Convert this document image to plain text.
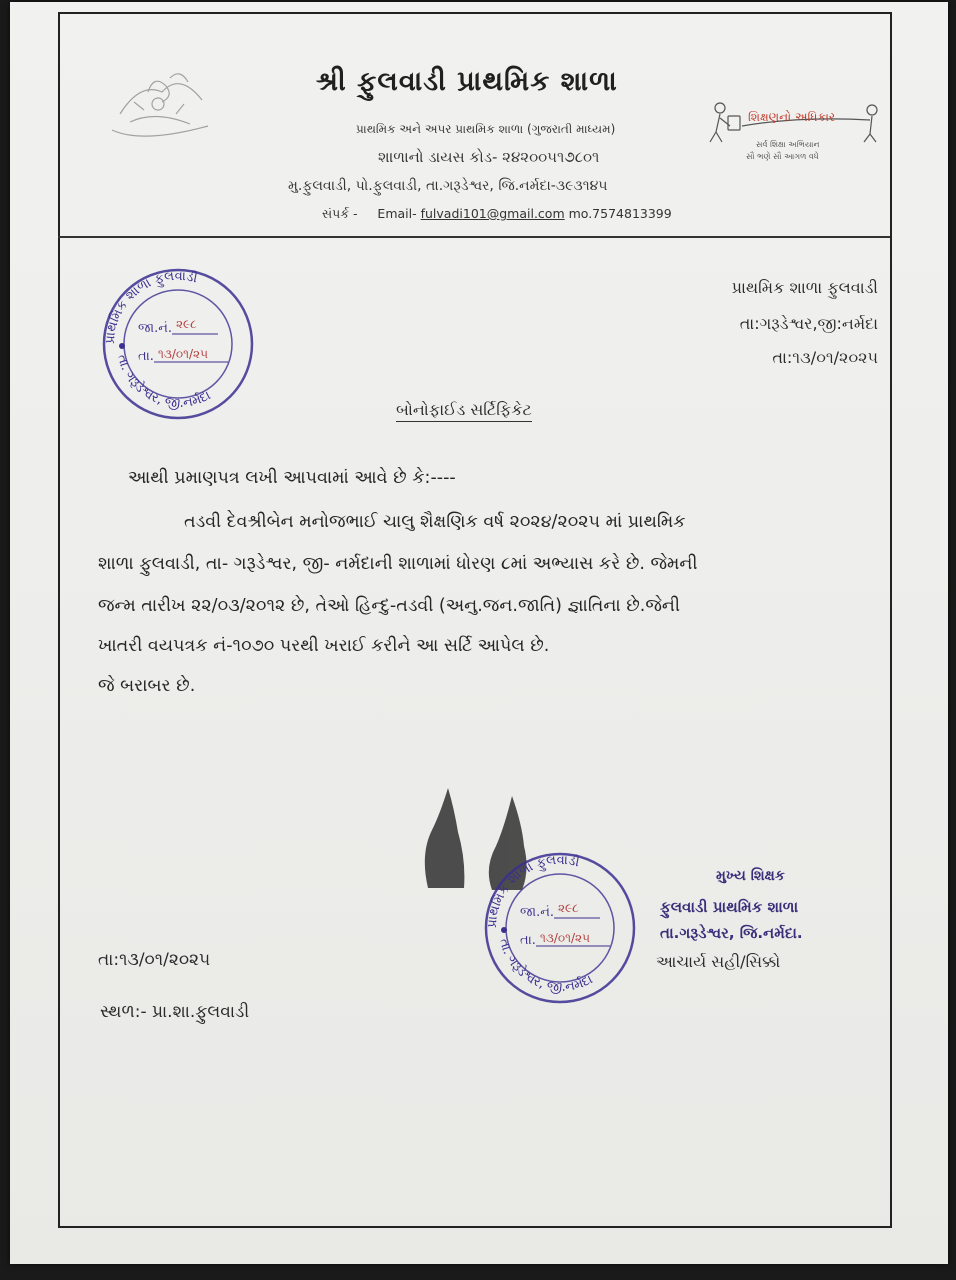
શ્રી ફુલવાડી પ્રાથમિક શાળા
પ્રાથમિક અને અપર પ્રાથમિક શાળા (ગુજરાતી માધ્યમ)
શાળાનો ડાયસ કોડ- ૨૪૨૦૦૫૧૭૮૦૧
મુ.ફુલવાડી, પો.ફુલવાડી, તા.ગરૂડેશ્વર, જિ.નર્મદા-૩૯૩૧૪૫
સંપર્ક - Email- fulvadi101@gmail.com mo.7574813399
શિક્ષણનો અધિકાર
સર્વ શિક્ષા અભિયાન
સૌ ભણે સૌ આગળ વધે
પ્રાથમિક શાળા ફુલવાડી
તા. ગરૂડેશ્વર, જી.નર્મદા
જા.નં. ૨૯૮
તા. ૧૩/૦૧/૨૫
પ્રાથમિક શાળા ફુલવાડી
તા:ગરૂડેશ્વર,જી:નર્મદા
તા:૧૩/૦૧/૨૦૨૫
બોનોફાઈડ સર્ટિફિકેટ
આથી પ્રમાણપત્ર લખી આપવામાં આવે છે કે:----
તડવી દેવશ્રીબેન મનોજભાઈ ચાલુ શૈક્ષણિક વર્ષ ૨૦૨૪/૨૦૨૫ માં પ્રાથમિક
શાળા ફુલવાડી, તા- ગરૂડેશ્વર, જી- નર્મદાની શાળામાં ધોરણ ૮માં અભ્યાસ કરે છે. જેમની
જન્મ તારીખ ૨૨/૦૩/૨૦૧૨ છે, તેઓ હિન્દુ-તડવી (અનુ.જન.જાતિ) જ્ઞાતિના છે.જેની
ખાતરી વયપત્રક નં-૧૦૭૦ પરથી ખરાઈ કરીને આ સર્ટિ આપેલ છે.
જે બરાબર છે.
પ્રાથમિક શાળા ફુલવાડી
તા. ગરૂડેશ્વર, જી.નર્મદા
જા.નં. ૨૯૮
તા. ૧૩/૦૧/૨૫
મુખ્ય શિક્ષક
ફુલવાડી પ્રાથમિક શાળા
તા.ગરૂડેશ્વર, જિ.નર્મદા.
આચાર્ય સહી/સિક્કો
તા:૧૩/૦૧/૨૦૨૫
સ્થળ:- પ્રા.શા.ફુલવાડી
